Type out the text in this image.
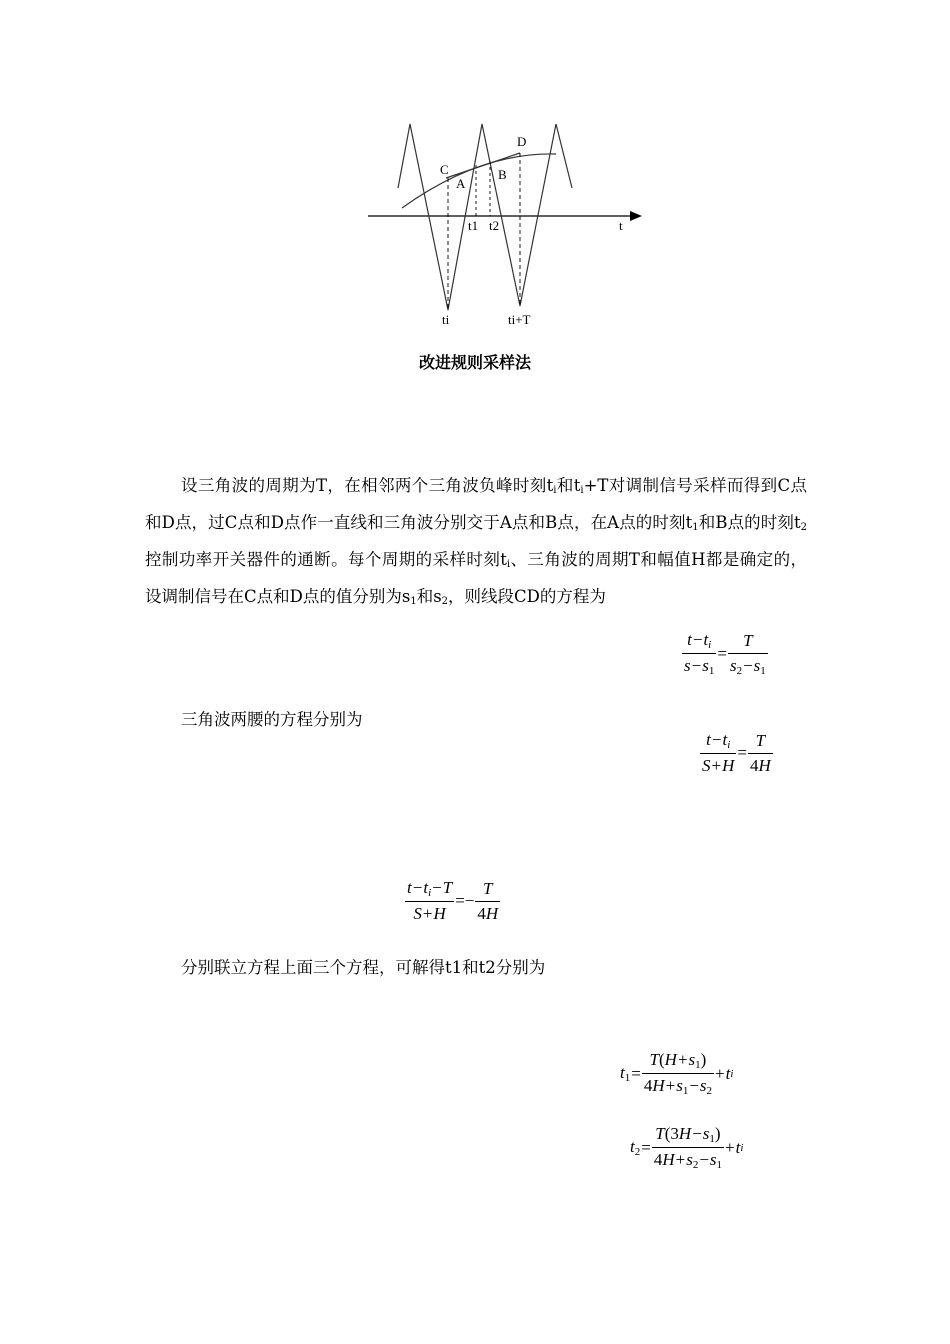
C
D
A
B
t1 t2	t
ti	ti+T
改进规则采样法
设三角波的周期为T，在相邻两个三角波负峰时刻$t_i$和$t_i+T$对调制信号采样而得到C点和D点，过C点和D点作一直线和三角波分别交于A点和B点，在A点的时刻$t_1$和B点的时刻$t_2$控制功率开关器件的通断。每个周期的采样时刻$t_i$、三角波的周期T和幅值H都是确定的，设调制信号在C点和D点的值分别为$s_1$和$s_2$，则线段CD的方程为
$\frac{t-ti}{s-s1} = \frac{T}{s2-s1}$
三角波两腰的方程分别为
$\frac{t-ti}{S+H} = \frac{T}{4H}$
$\frac{t-ti-T}{S+H} =- \frac{T}{4H}$
分别联立方程上面三个方程，可解得t1和t2分别为
$t1 = \frac{T(H+s1)}{4H+s1-s2} + t$ i
$t2 = \frac{T(3H-s1)}{4H+s2-s1} + t$ i
